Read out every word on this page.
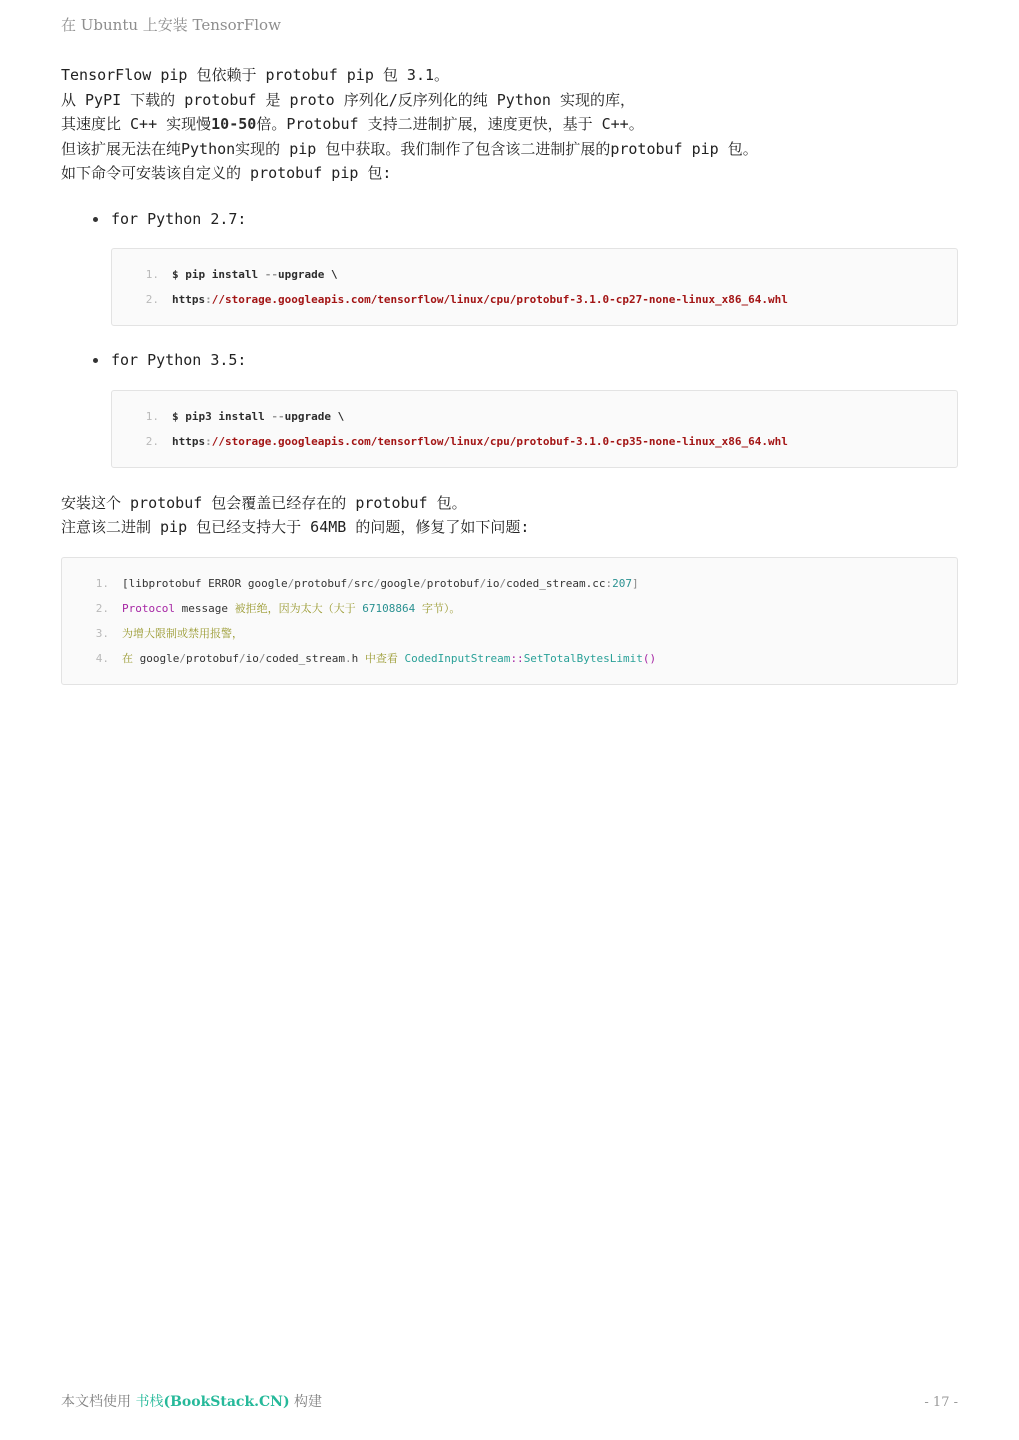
在 Ubuntu 上安装 TensorFlow
TensorFlow pip 包依赖于 protobuf pip 包 3.1。
从 PyPI 下载的 protobuf 是 proto 序列化/反序列化的纯 Python 实现的库，
其速度比 C++ 实现慢10-50倍。Protobuf 支持二进制扩展，速度更快，基于 C++。
但该扩展无法在纯Python实现的 pip 包中获取。我们制作了包含该二进制扩展的protobuf pip 包。
如下命令可安装该自定义的 protobuf pip 包:
for Python 2.7:
1.	$ pip install -- upgrade \
2.	https : //storage.googleapis.com/tensorflow/linux/cpu/protobuf-3.1.0-cp27-none-linux_x86_64.whl
for Python 3.5:
1.	$ pip3 install -- upgrade \
2.	https : //storage.googleapis.com/tensorflow/linux/cpu/protobuf-3.1.0-cp35-none-linux_x86_64.whl
安装这个 protobuf 包会覆盖已经存在的 protobuf 包。
注意该二进制 pip 包已经支持大于 64MB 的问题，修复了如下问题:
1.	[libprotobuf ERROR google / protobuf / src / google / protobuf / io / coded_stream.cc : 207 ]
2.	Protocol message 被拒绝，因为太大（大于 67108864 字节）。
3.	为增大限制或禁用报警，
4.	在 google / protobuf / io / coded_stream . h 中查看 CodedInputStream :: SetTotalBytesLimit ()
本文档使用 书栈(BookStack.CN) 构建	- 17 -
